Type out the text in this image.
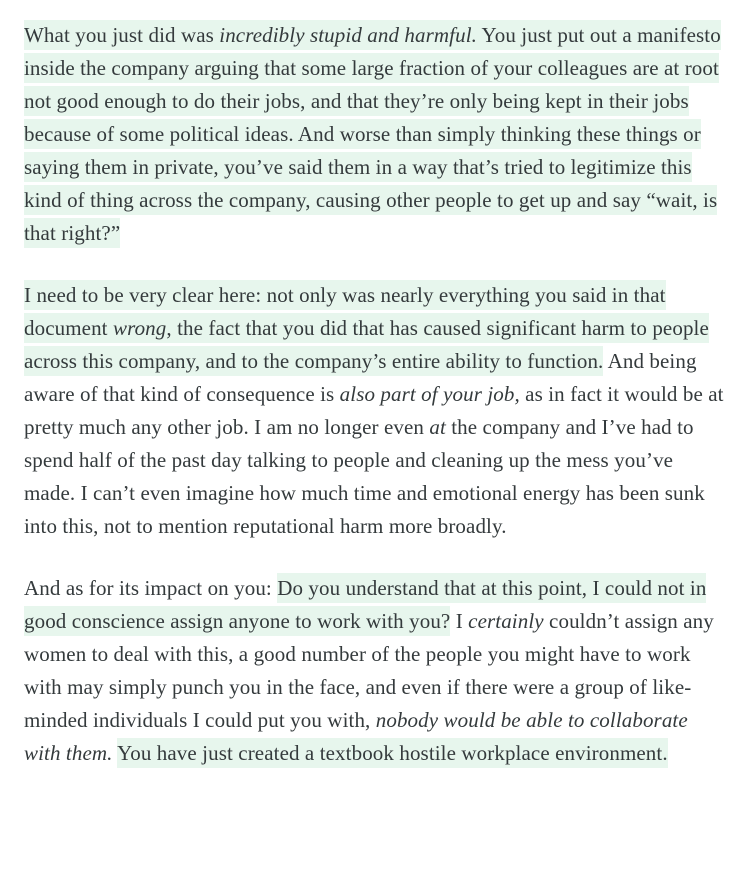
What you just did was incredibly stupid and harmful. You just put out a manifesto inside the company arguing that some large fraction of your colleagues are at root not good enough to do their jobs, and that they’re only being kept in their jobs because of some political ideas. And worse than simply thinking these things or saying them in private, you’ve said them in a way that’s tried to legitimize this kind of thing across the company, causing other people to get up and say “wait, is that right?”

I need to be very clear here: not only was nearly everything you said in that document wrong, the fact that you did that has caused significant harm to people across this company, and to the company’s entire ability to function. And being aware of that kind of consequence is also part of your job, as in fact it would be at pretty much any other job. I am no longer even at the company and I’ve had to spend half of the past day talking to people and cleaning up the mess you’ve made. I can’t even imagine how much time and emotional energy has been sunk into this, not to mention reputational harm more broadly.

And as for its impact on you: Do you understand that at this point, I could not in good conscience assign anyone to work with you? I certainly couldn’t assign any women to deal with this, a good number of the people you might have to work with may simply punch you in the face, and even if there were a group of like-minded individuals I could put you with, nobody would be able to collaborate with them. You have just created a textbook hostile workplace environment.
